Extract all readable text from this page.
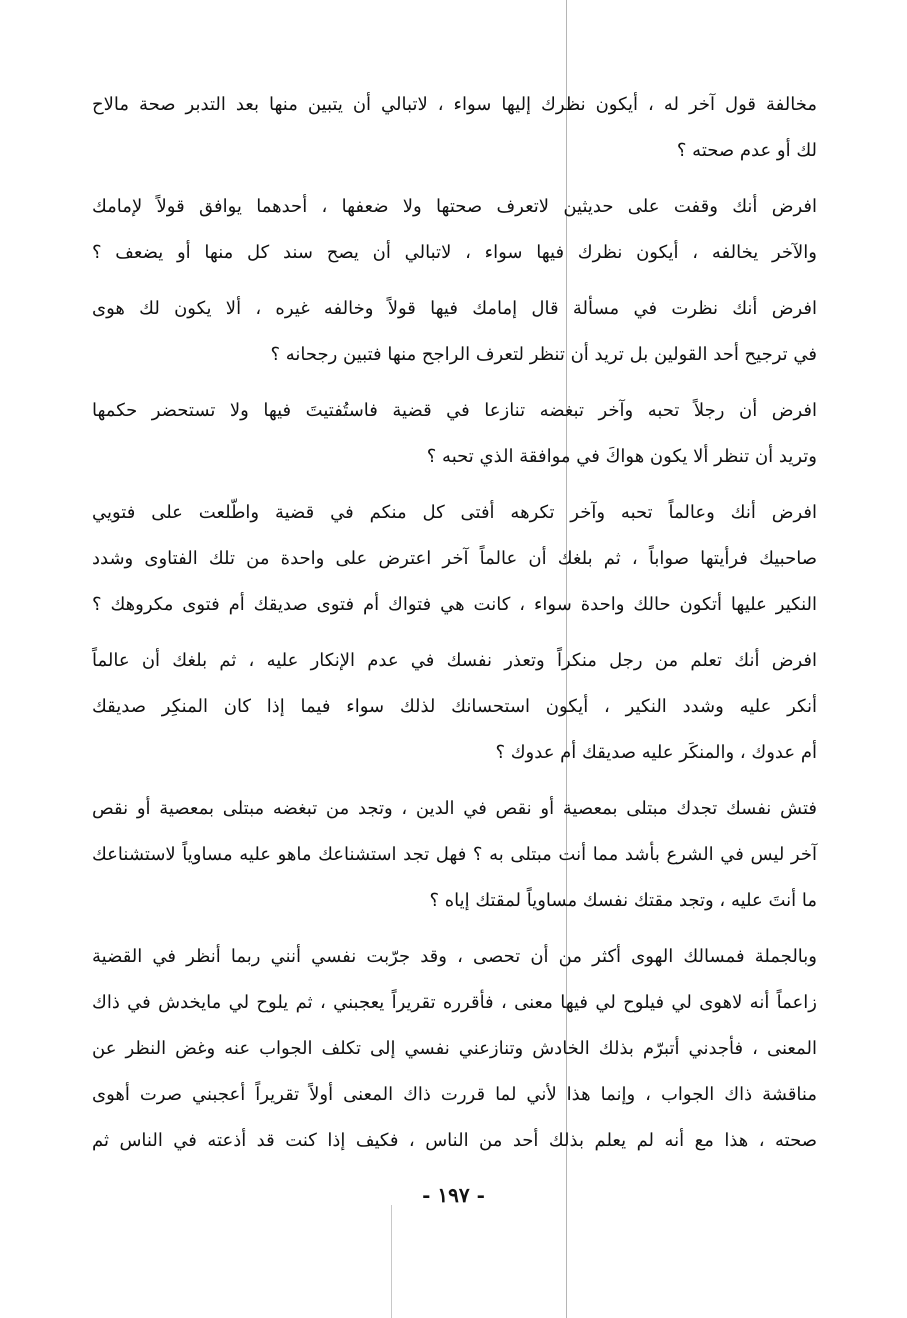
مخالفة قول آخر له ، أيكون نظرك إليها سواء ، لاتبالي أن يتبين منها بعد التدبر صحة مالاح
لك أو عدم صحته ؟
افرض أنك وقفت على حديثين لاتعرف صحتها ولا ضعفها ، أحدهما يوافق قولاً لإمامك
والآخر يخالفه ، أيكون نظرك فيها سواء ، لاتبالي أن يصح سند كل منها أو يضعف ؟
افرض أنك نظرت في مسألة قال إمامك فيها قولاً وخالفه غيره ، ألا يكون لك هوى
في ترجيح أحد القولين بل تريد أن تنظر لتعرف الراجح منها فتبين رجحانه ؟
افرض أن رجلاً تحبه وآخر تبغضه تنازعا في قضية فاستُفتيتَ فيها ولا تستحضر حكمها
وتريد أن تنظر ألا يكون هواكَ في موافقة الذي تحبه ؟
افرض أنك وعالماً تحبه وآخر تكرهه أفتى كل منكم في قضية واطّلعت على فتويي
صاحبيك فرأيتها صواباً ، ثم بلغك أن عالماً آخر اعترض على واحدة من تلك الفتاوى وشدد
النكير عليها أتكون حالك واحدة سواء ، كانت هي فتواك أم فتوى صديقك أم فتوى مكروهك ؟
افرض أنك تعلم من رجل منكراً وتعذر نفسك في عدم الإنكار عليه ، ثم بلغك أن عالماً
أنكر عليه وشدد النكير ، أيكون استحسانك لذلك سواء فيما إذا كان المنكِر صديقك
أم عدوك ، والمنكَر عليه صديقك أم عدوك ؟
فتش نفسك تجدك مبتلى بمعصية أو نقص في الدين ، وتجد من تبغضه مبتلى بمعصية أو نقص
آخر ليس في الشرع بأشد مما أنت مبتلى به ؟ فهل تجد استشناعك ماهو عليه مساوياً لاستشناعك
ما أنتَ عليه ، وتجد مقتك نفسك مساوياً لمقتك إياه ؟
وبالجملة فمسالك الهوى أكثر من أن تحصى ، وقد جرّبت نفسي أنني ربما أنظر في القضية
زاعماً أنه لاهوى لي فيلوح لي فيها معنى ، فأقرره تقريراً يعجبني ، ثم يلوح لي مايخدش في ذاك
المعنى ، فأجدني أتبرّم بذلك الخادش وتنازعني نفسي إلى تكلف الجواب عنه وغض النظر عن
مناقشة ذاك الجواب ، وإنما هذا لأني لما قررت ذاك المعنى أولاً تقريراً أعجبني صرت أهوى
صحته ، هذا مع أنه لم يعلم بذلك أحد من الناس ، فكيف إذا كنت قد أذعته في الناس ثم
- ١٩٧ -
